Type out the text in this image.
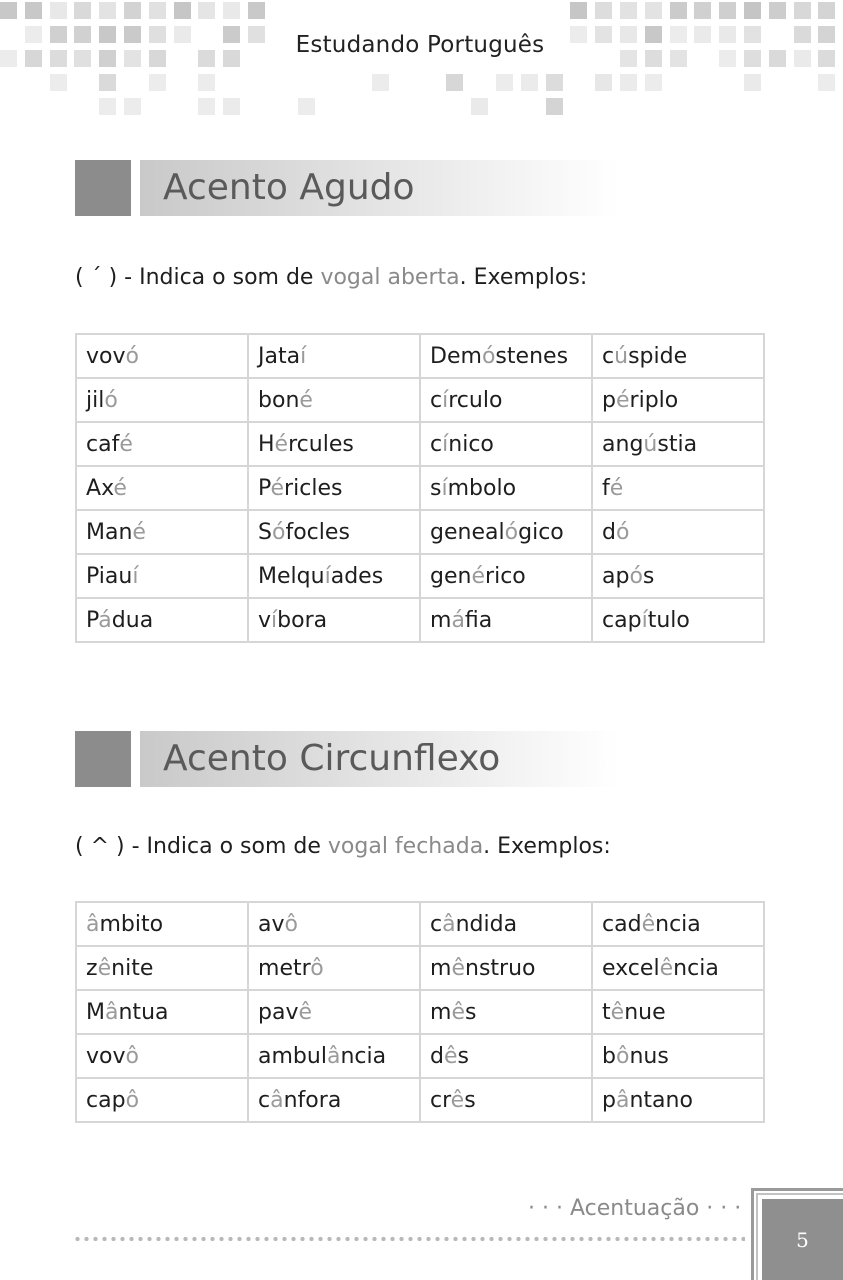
Estudando Português
Acento Agudo
( ´ ) - Indica o som de vogal aberta. Exemplos:
vovó	Jataí	Demóstenes	cúspide
jiló	boné	círculo	périplo
café	Hércules	cínico	angústia
Axé	Péricles	símbolo	fé
Mané	Sófocles	genealógico	dó
Piauí	Melquíades	genérico	após
Pádua	víbora	máfa	capítulo
Acento Circunflexo
( ^ ) - Indica o som de vogal fechada. Exemplos:
âmbito	avô	cândida	cadência
zênite	metrô	mênstruo	excelência
Mântua	pavê	mês	tênue
vovô	ambulância	dês	bônus
capô	cânfora	crês	pântano
· · · Acentuação · · ·
5
